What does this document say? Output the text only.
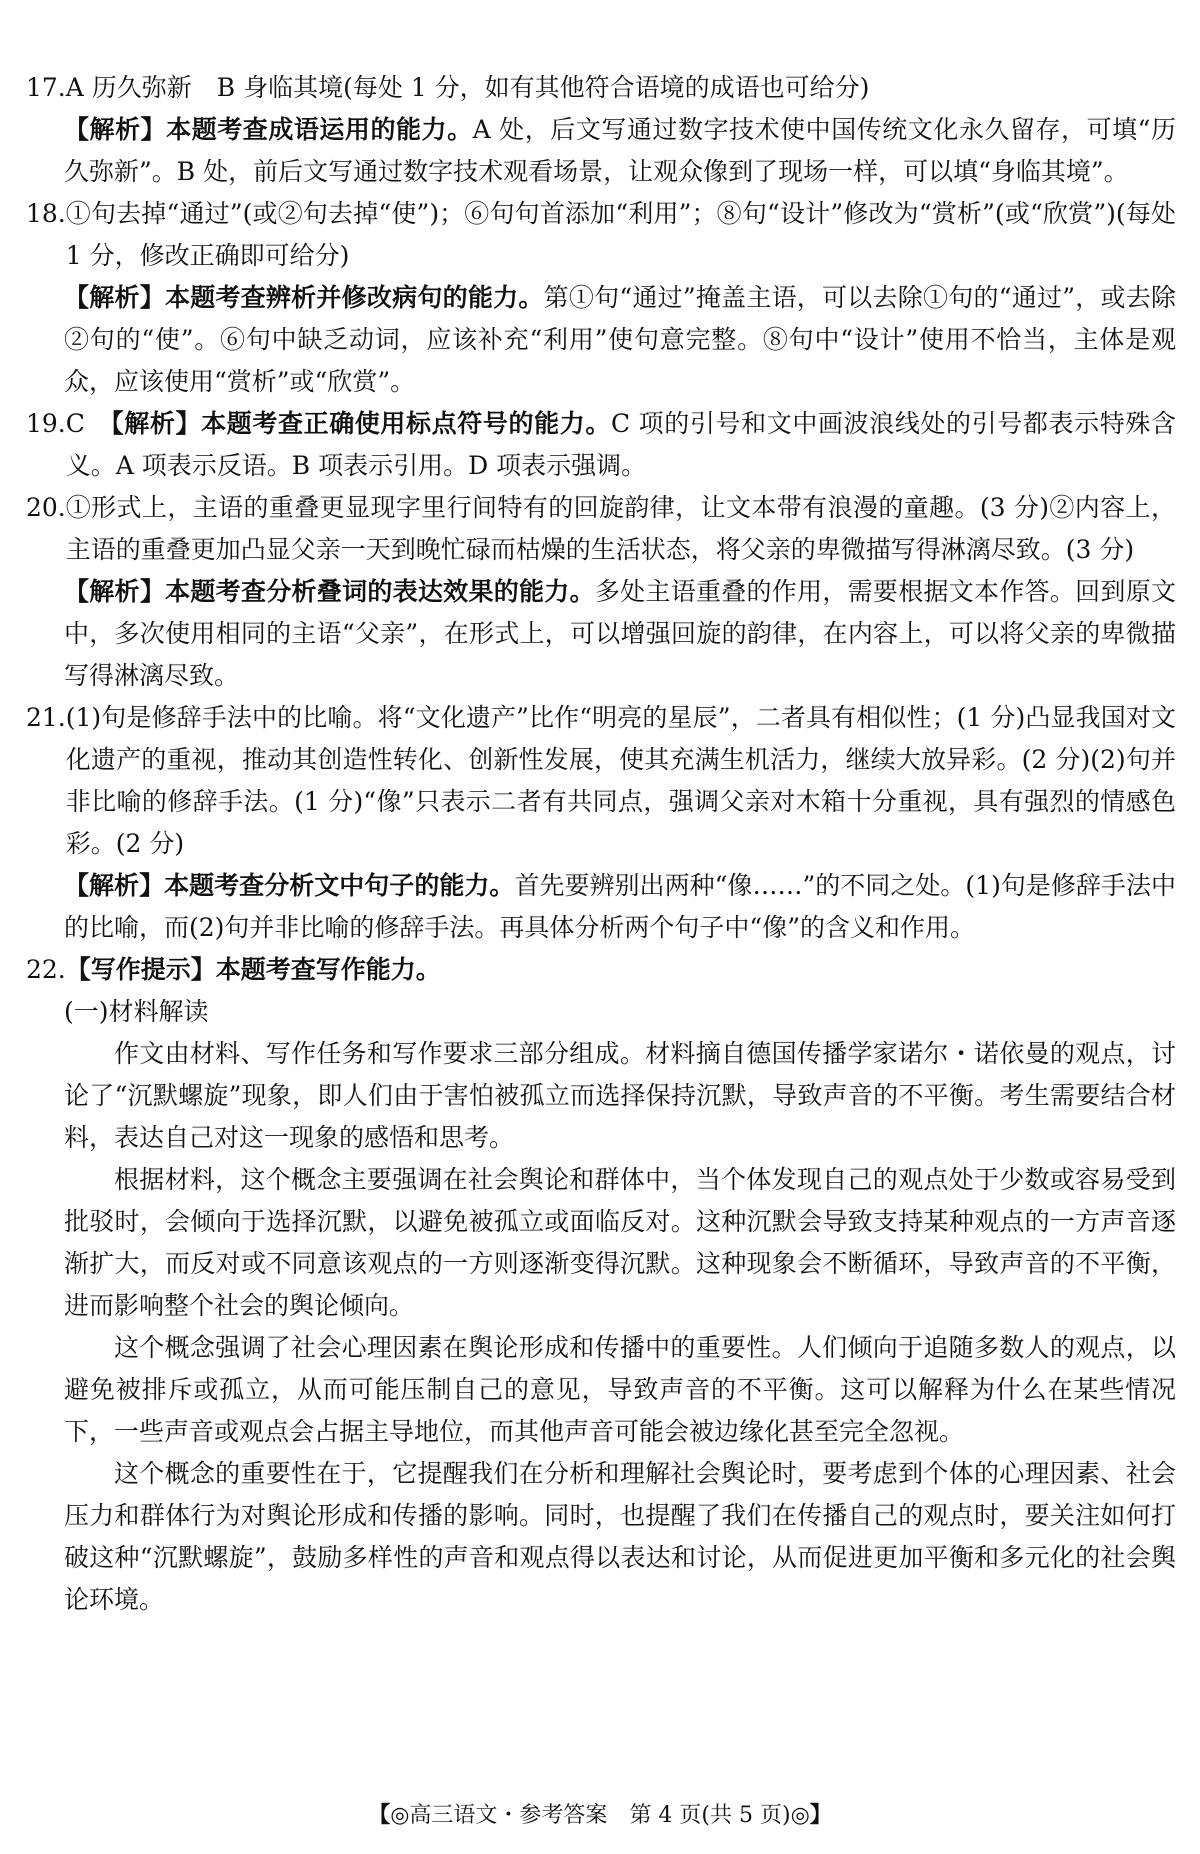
17. A 历久弥新　B 身临其境(每处 1 分，如有其他符合语境的成语也可给分)
【解析】本题考查成语运用的能力。A 处，后文写通过数字技术使中国传统文化永久留存，可填“历久弥新”。B 处，前后文写通过数字技术观看场景，让观众像到了现场一样，可以填“身临其境”。
18. ①句去掉“通过”(或②句去掉“使”)；⑥句句首添加“利用”；⑧句“设计”修改为“赏析”(或“欣赏”)(每处 1 分，修改正确即可给分)
【解析】本题考查辨析并修改病句的能力。第①句“通过”掩盖主语，可以去除①句的“通过”，或去除②句的“使”。⑥句中缺乏动词，应该补充“利用”使句意完整。⑧句中“设计”使用不恰当，主体是观众，应该使用“赏析”或“欣赏”。
19. C　【解析】本题考查正确使用标点符号的能力。C 项的引号和文中画波浪线处的引号都表示特殊含义。A 项表示反语。B 项表示引用。D 项表示强调。
20. ①形式上，主语的重叠更显现字里行间特有的回旋韵律，让文本带有浪漫的童趣。(3 分)②内容上，主语的重叠更加凸显父亲一天到晚忙碌而枯燥的生活状态，将父亲的卑微描写得淋漓尽致。(3 分)
【解析】本题考查分析叠词的表达效果的能力。多处主语重叠的作用，需要根据文本作答。回到原文中，多次使用相同的主语“父亲”，在形式上，可以增强回旋的韵律，在内容上，可以将父亲的卑微描写得淋漓尽致。
21. (1)句是修辞手法中的比喻。将“文化遗产”比作“明亮的星辰”，二者具有相似性；(1 分)凸显我国对文化遗产的重视，推动其创造性转化、创新性发展，使其充满生机活力，继续大放异彩。(2 分)(2)句并非比喻的修辞手法。(1 分)“像”只表示二者有共同点，强调父亲对木箱十分重视，具有强烈的情感色彩。(2 分)
【解析】本题考查分析文中句子的能力。首先要辨别出两种“像……”的不同之处。(1)句是修辞手法中的比喻，而(2)句并非比喻的修辞手法。再具体分析两个句子中“像”的含义和作用。
22. 【写作提示】本题考查写作能力。
(一)材料解读
作文由材料、写作任务和写作要求三部分组成。材料摘自德国传播学家诺尔・诺依曼的观点，讨论了“沉默螺旋”现象，即人们由于害怕被孤立而选择保持沉默，导致声音的不平衡。考生需要结合材料，表达自己对这一现象的感悟和思考。
根据材料，这个概念主要强调在社会舆论和群体中，当个体发现自己的观点处于少数或容易受到批驳时，会倾向于选择沉默，以避免被孤立或面临反对。这种沉默会导致支持某种观点的一方声音逐渐扩大，而反对或不同意该观点的一方则逐渐变得沉默。这种现象会不断循环，导致声音的不平衡，进而影响整个社会的舆论倾向。
这个概念强调了社会心理因素在舆论形成和传播中的重要性。人们倾向于追随多数人的观点，以避免被排斥或孤立，从而可能压制自己的意见，导致声音的不平衡。这可以解释为什么在某些情况下，一些声音或观点会占据主导地位，而其他声音可能会被边缘化甚至完全忽视。
这个概念的重要性在于，它提醒我们在分析和理解社会舆论时，要考虑到个体的心理因素、社会压力和群体行为对舆论形成和传播的影响。同时，也提醒了我们在传播自己的观点时，要关注如何打破这种“沉默螺旋”，鼓励多样性的声音和观点得以表达和讨论，从而促进更加平衡和多元化的社会舆论环境。
【◎高三语文・参考答案　 第 4 页(共 5 页)◎】
